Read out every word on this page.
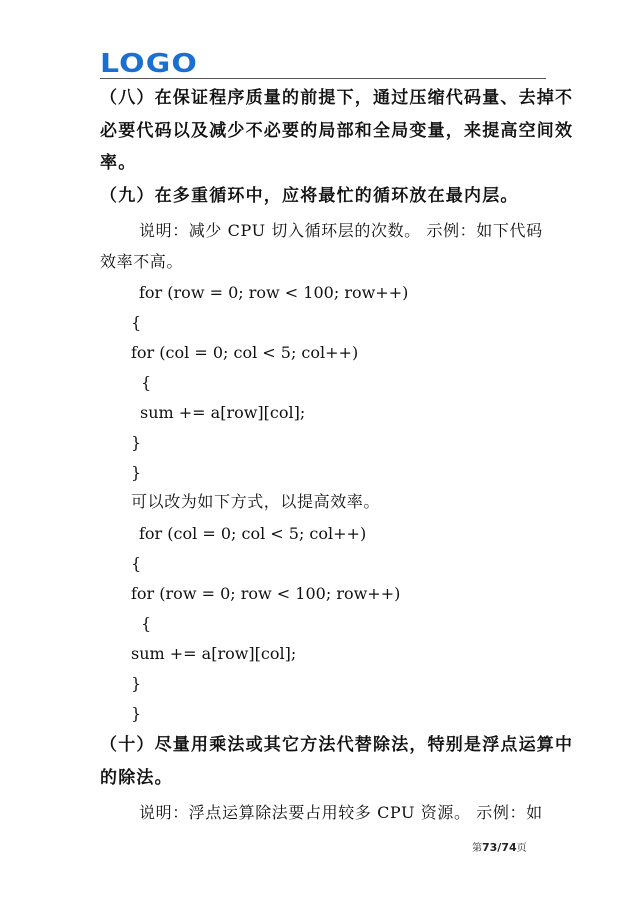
LOGO
（八）在保证程序质量的前提下，通过压缩代码量、去掉不
必要代码以及减少不必要的局部和全局变量，来提高空间效
率。
（九）在多重循环中，应将最忙的循环放在最内层。
说明：减少 CPU 切入循环层的次数。 示例：如下代码
效率不高。
for (row = 0; row < 100; row++)
{
for (col = 0; col < 5; col++)
{
sum += a[row][col];
}
}
可以改为如下方式，以提高效率。
for (col = 0; col < 5; col++)
{
for (row = 0; row < 100; row++)
{
sum += a[row][col];
}
}
（十）尽量用乘法或其它方法代替除法，特别是浮点运算中
的除法。
说明：浮点运算除法要占用较多 CPU 资源。 示例：如
第73/74页
